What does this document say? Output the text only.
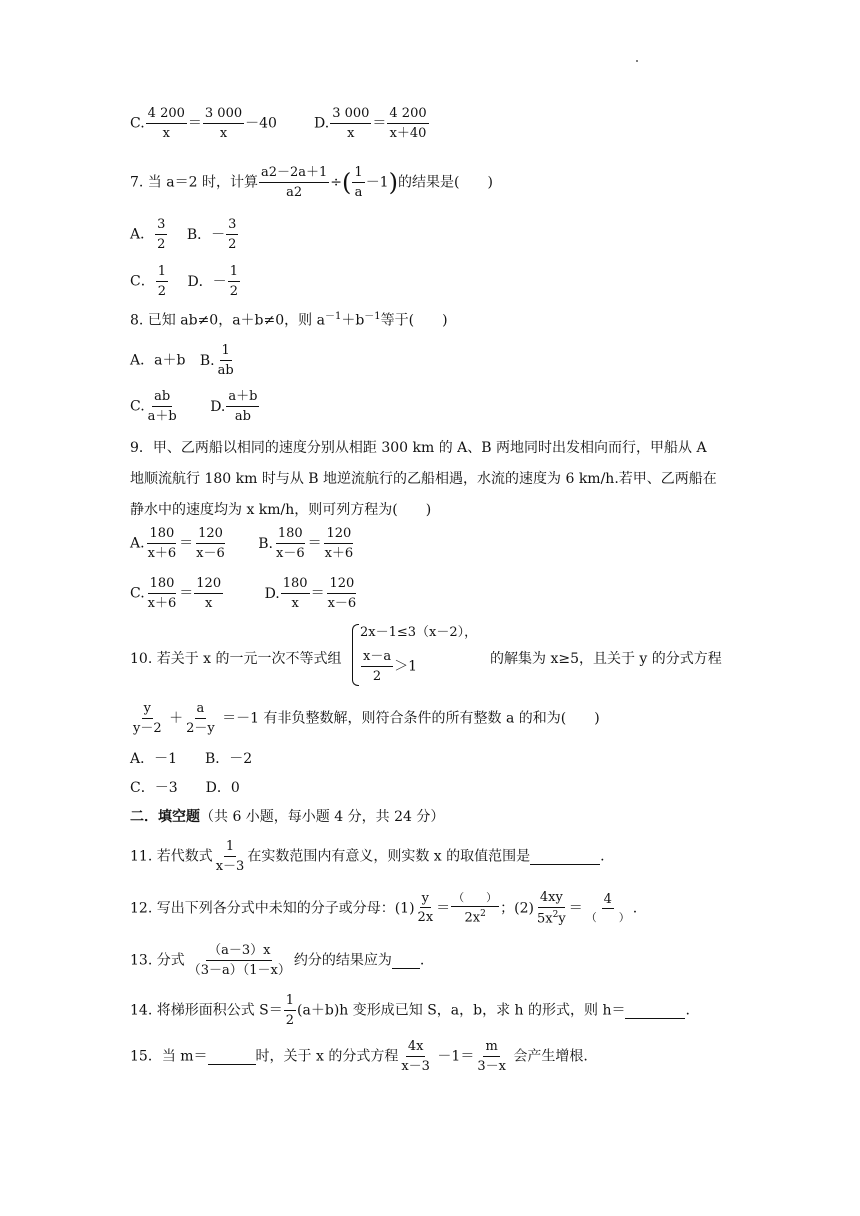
C. $\frac{4 200}{x} = \frac{3 000}{x} -40$	D. $\frac{3 000}{x} = \frac{4 200}{x+40}$
7. 当 a＝2 时，计算 $\frac{a2-2a+1}{a2}$ ÷( $\frac{1}{a} -1$)的结果是(　　)
A． $\frac{3}{2}$ B．－ $\frac{3}{2}$
C． $\frac{1}{2}$ D．－ $\frac{1}{2}$
8. 已知 ab≠0，a＋b≠0，则 $a^{-1}+b^{-1}$等于(　　)
A．a＋b B. $\frac{1}{ab}$
C. $\frac{ab}{a+b} D$. $\frac{a+b}{ab}$
9．甲、乙两船以相同的速度分别从相距 300 km 的 A、B 两地同时出发相向而行，甲船从 A
地顺流航行 180 km 时与从 B 地逆流航行的乙船相遇，水流的速度为 6 km/h.若甲、乙两船在
静水中的速度均为 x km/h，则可列方程为(　　)
A. $\frac{180}{x+6} = \frac{120}{x-6} B$. $\frac{180}{x-6} = \frac{120}{x+6}$
C. $\frac{180}{x+6} = \frac{120}{x}$	D. $\frac{180}{x} = \frac{120}{x-6}$
10. 若关于 x 的一元一次不等式组
2x－1≤3（x－2），
$\frac{x-a}{2} >1$	的解集为 x≥5，且关于 y 的分式方程
$\frac{y}{y-2} + \frac{a}{2-y} =-1$ 有非负整数解，则符合条件的所有整数 a 的和为(　　)
A．－1　　B．－2
C．－3　　D．0
二．填空题（共 6 小题，每小题 4 分，共 24 分）
11. 若代数式 $\frac{1}{x-3}$ 在实数范围内有意义，则实数 x 的取值范围是	.
12. 写出下列各分式中未知的分子或分母：$(1) \frac{y}{2x} = \frac{( )}{2x^2}$ ；$(2) \frac{4xy}{5x^2y} = \frac{4}{( )}$ .
13. 分式 $\frac{(a-3)x}{(3-a)(1-x)}$ 约分的结果应为 .
14. 将梯形面积公式 $S= \frac{1}{2} (a+b)h$ 变形成已知 S，a，b，求 h 的形式，则 h＝	.
15．当 m＝	时，关于 x 的分式方程 $\frac{4x}{x-3} -1= \frac{m}{3-x}$ 会产生增根.
